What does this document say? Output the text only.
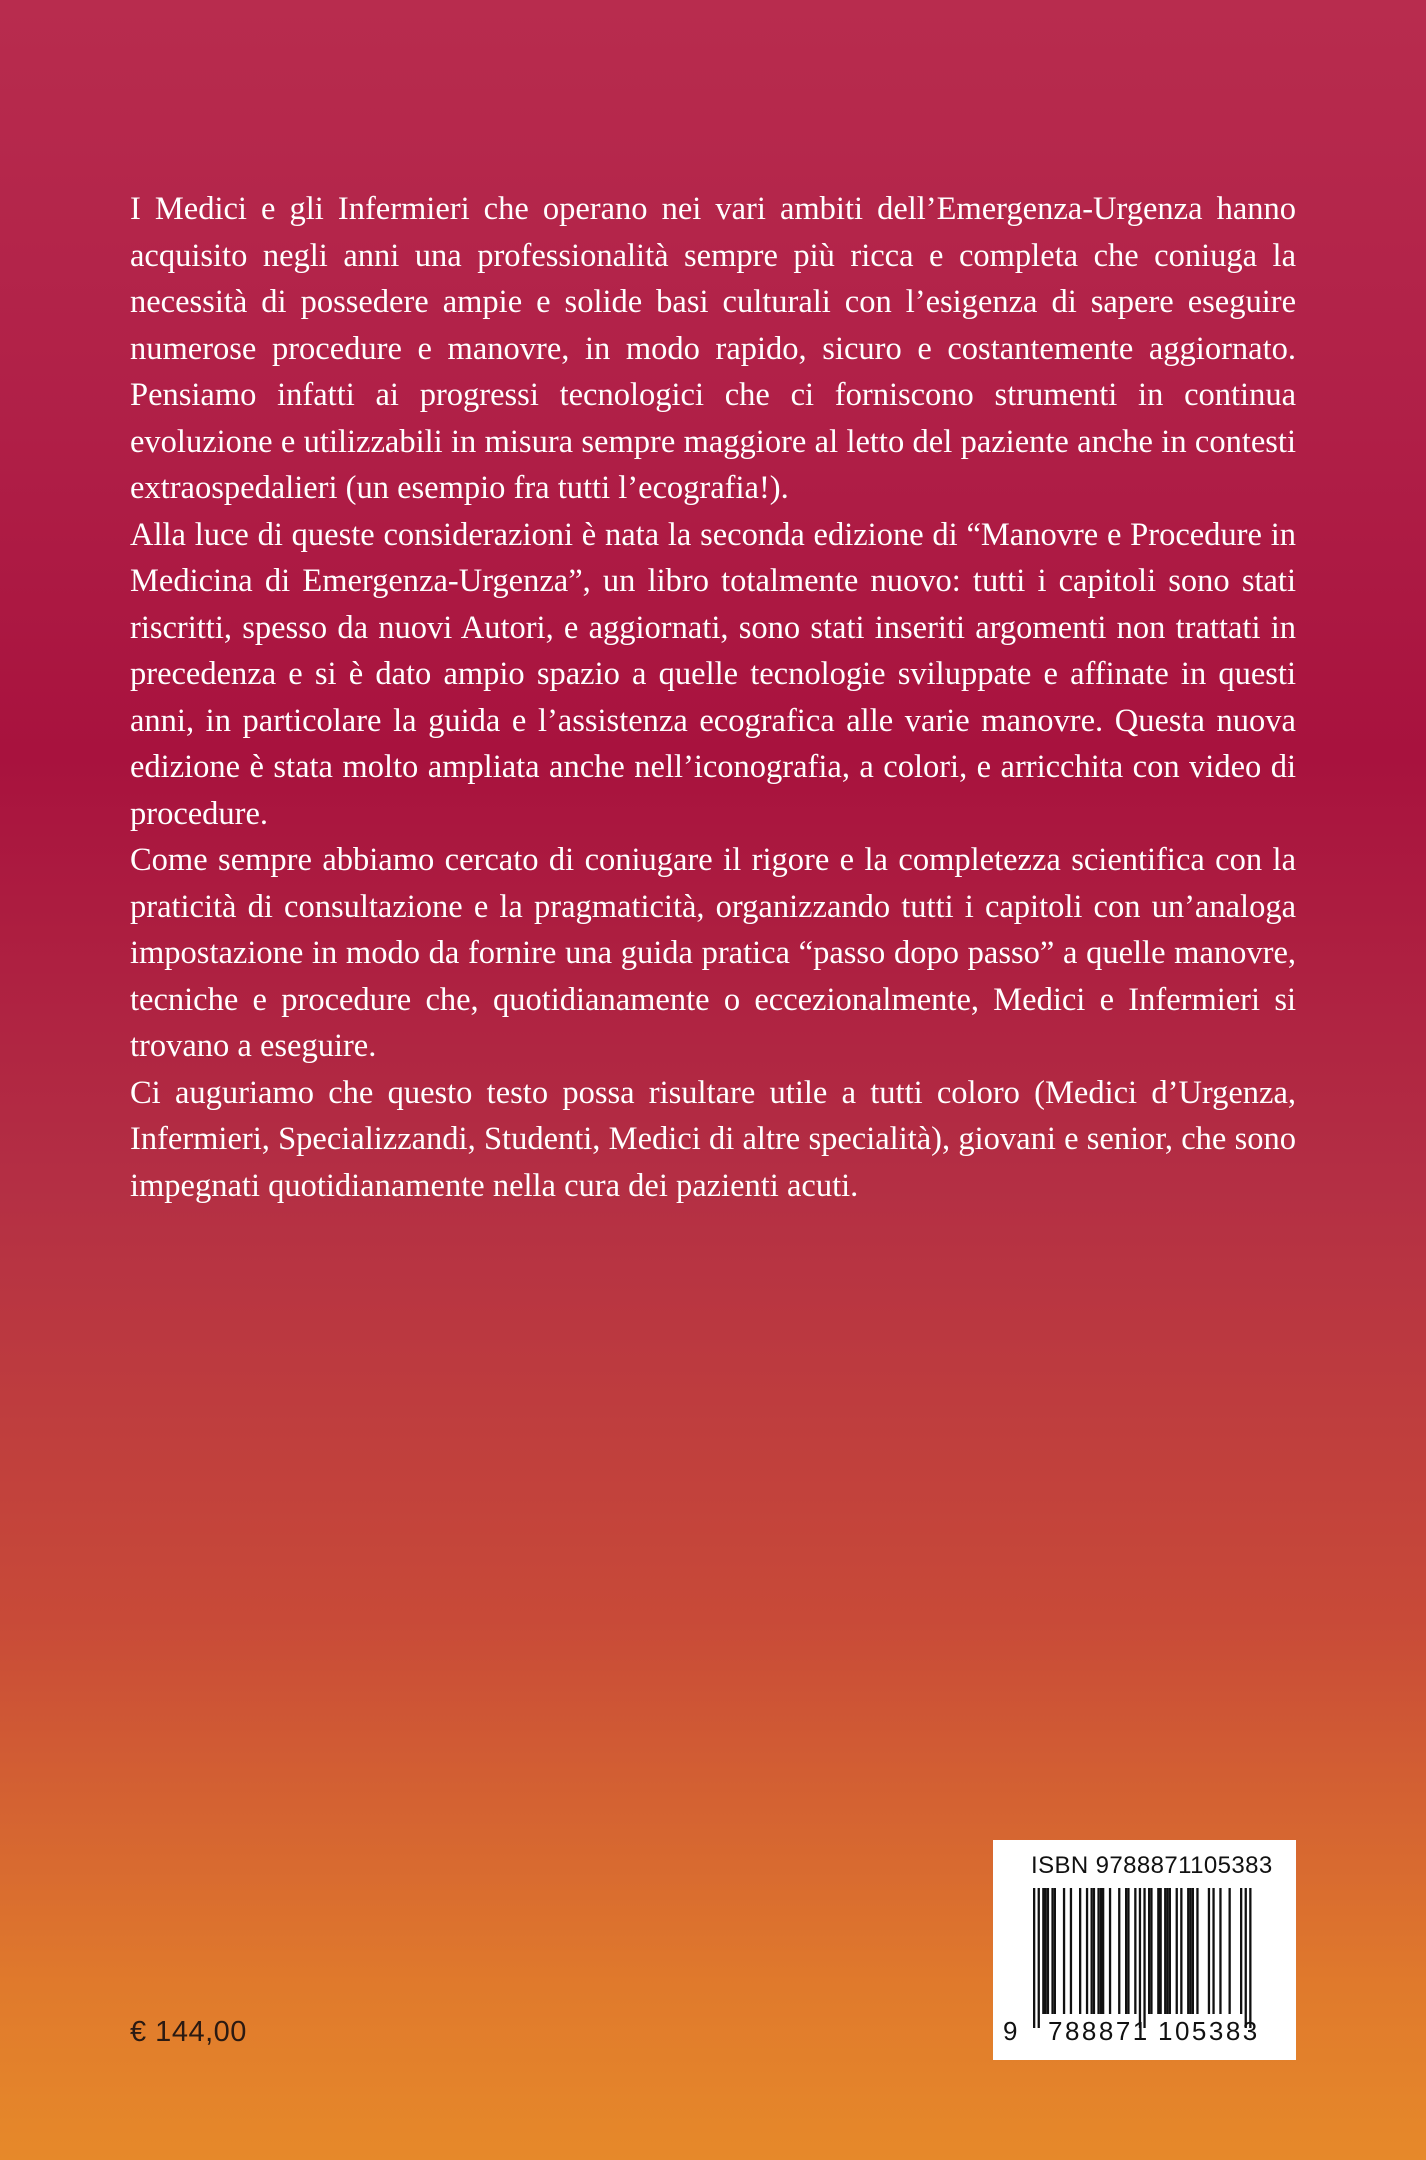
I Medici e gli Infermieri che operano nei vari ambiti dell’Emergenza-Urgenza hanno acquisito negli anni una professionalità sempre più ricca e completa che coniuga la necessità di possedere ampie e solide basi culturali con l’esigenza di sapere eseguire numerose procedure e manovre, in modo rapido, sicuro e costantemente aggiornato. Pensiamo infatti ai progressi tecnologici che ci forniscono strumenti in continua evoluzione e utilizzabili in misura sempre maggiore al letto del paziente anche in contesti extraospedalieri (un esempio fra tutti l’ecografia!).

Alla luce di queste considerazioni è nata la seconda edizione di “Manovre e Procedure in Medicina di Emergenza-Urgenza”, un libro totalmente nuovo: tutti i capitoli sono stati riscritti, spesso da nuovi Autori, e aggiornati, sono stati inseriti argomenti non trattati in precedenza e si è dato ampio spazio a quelle tecnologie sviluppate e affinate in questi anni, in particolare la guida e l’assistenza ecografica alle varie manovre. Questa nuova edizione è stata molto ampliata anche nell’iconografia, a colori, e arricchita con video di procedure.

Come sempre abbiamo cercato di coniugare il rigore e la completezza scientifica con la praticità di consultazione e la pragmaticità, organizzando tutti i capitoli con un’analoga impostazione in modo da fornire una guida pratica “passo dopo passo” a quelle manovre, tecniche e procedure che, quotidianamente o eccezionalmente, Medici e Infermieri si trovano a eseguire.

Ci auguriamo che questo testo possa risultare utile a tutti coloro (Medici d’Urgenza, Infermieri, Specializzandi, Studenti, Medici di altre specialità), giovani e senior, che sono impegnati quotidianamente nella cura dei pazienti acuti.

€ 144,00
ISBN 9788871105383
9 788871 105383
